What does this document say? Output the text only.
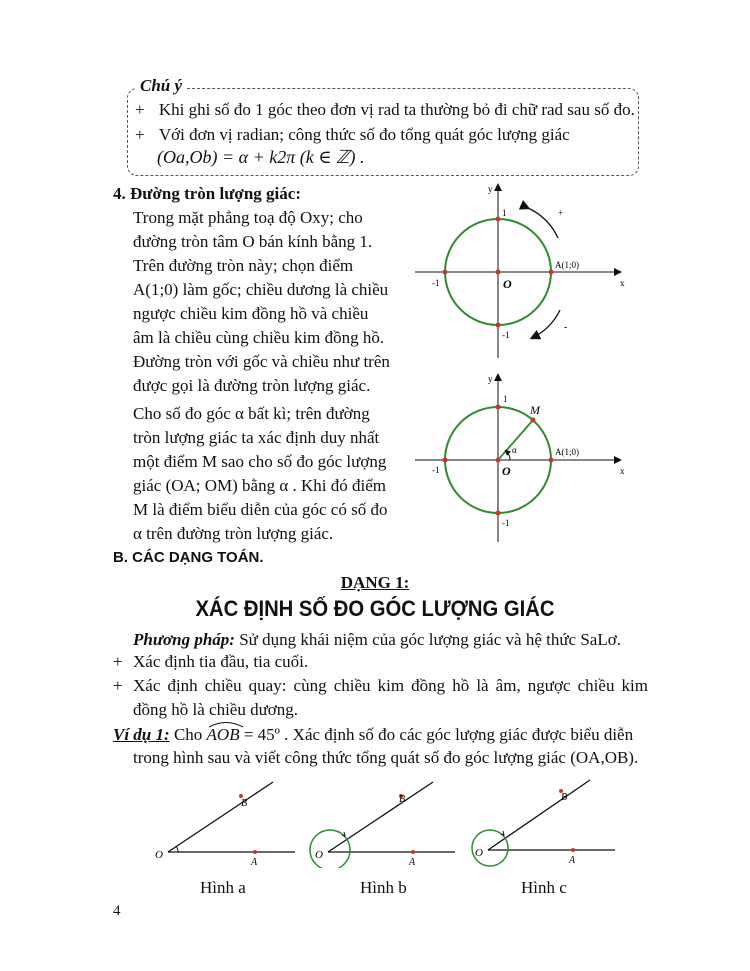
Chú ý
+ Khi ghi số đo 1 góc theo đơn vị rad ta thường bỏ đi chữ rad sau số đo.
+ Với đơn vị radian; công thức số đo tổng quát góc lượng giác
(Oa,Ob) = α + k2π (k ∈ ℤ) .
4. Đường tròn lượng giác:
Trong mặt phẳng toạ độ Oxy; cho
đường tròn tâm O bán kính bằng 1.
Trên đường tròn này; chọn điểm
A(1;0) làm gốc; chiều dương là chiều
ngược chiều kim đồng hồ và chiều
âm là chiều cùng chiều kim đồng hồ.
Đường tròn với gốc và chiều như trên
được gọi là đường tròn lượng giác.
Cho số đo góc α bất kì; trên đường
tròn lượng giác ta xác định duy nhất
một điểm M sao cho số đo góc lượng
giác (OA; OM) bằng α . Khi đó điểm
M là điểm biểu diễn của góc có số đo
α trên đường tròn lượng giác.
y
x
O
1
-1
-1
A(1;0)
+
-
y
x
O
1
-1
-1
A(1;0)
M
α
B. CÁC DẠNG TOÁN.
DẠNG 1:
XÁC ĐỊNH SỐ ĐO GÓC LƯỢNG GIÁC
Phương pháp: Sử dụng khái niệm của góc lượng giác và hệ thức SaLơ.
+ Xác định tia đầu, tia cuối.
+ Xác định chiều quay: cùng chiều kim đồng hồ là âm, ngược chiều kim
đồng hồ là chiều dương.
Ví dụ 1: Cho AOB
= 45º . Xác định số đo các góc lượng giác được biểu diễn
trong hình sau và viết công thức tổng quát số đo góc lượng giác (OA,OB).
O
B
A
Hình a
O
B
A
Hình b
O
B
A
Hình c
4
